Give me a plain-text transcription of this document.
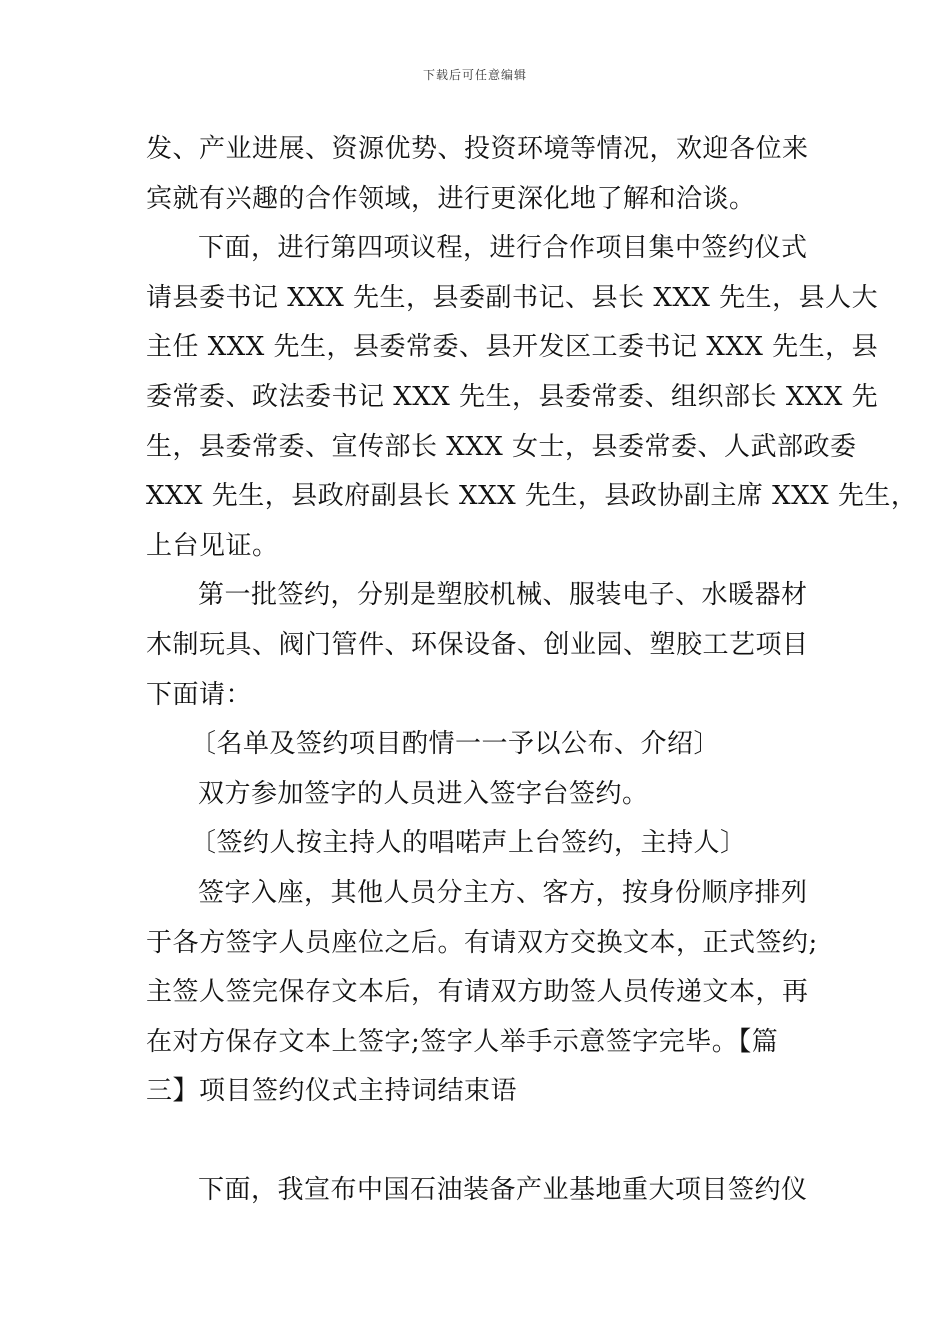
下载后可任意编辑
发、产业进展、资源优势、投资环境等情况，欢迎各位来
宾就有兴趣的合作领域，进行更深化地了解和洽谈。
下面，进行第四项议程，进行合作项目集中签约仪式
请县委书记 XXX 先生，县委副书记、县长 XXX 先生，县人大
主任 XXX 先生，县委常委、县开发区工委书记 XXX 先生，县
委常委、政法委书记 XXX 先生，县委常委、组织部长 XXX 先
生，县委常委、宣传部长 XXX 女士，县委常委、人武部政委
XXX 先生，县政府副县长 XXX 先生，县政协副主席 XXX 先生，
上台见证。
第一批签约，分别是塑胶机械、服装电子、水暖器材
木制玩具、阀门管件、环保设备、创业园、塑胶工艺项目
下面请：
〔名单及签约项目酌情一一予以公布、介绍〕
双方参加签字的人员进入签字台签约。
〔签约人按主持人的唱喏声上台签约，主持人〕
签字入座，其他人员分主方、客方，按身份顺序排列
于各方签字人员座位之后。有请双方交换文本，正式签约;
主签人签完保存文本后，有请双方助签人员传递文本，再
在对方保存文本上签字;签字人举手示意签字完毕。【篇
三】项目签约仪式主持词结束语
下面，我宣布中国石油装备产业基地重大项目签约仪
